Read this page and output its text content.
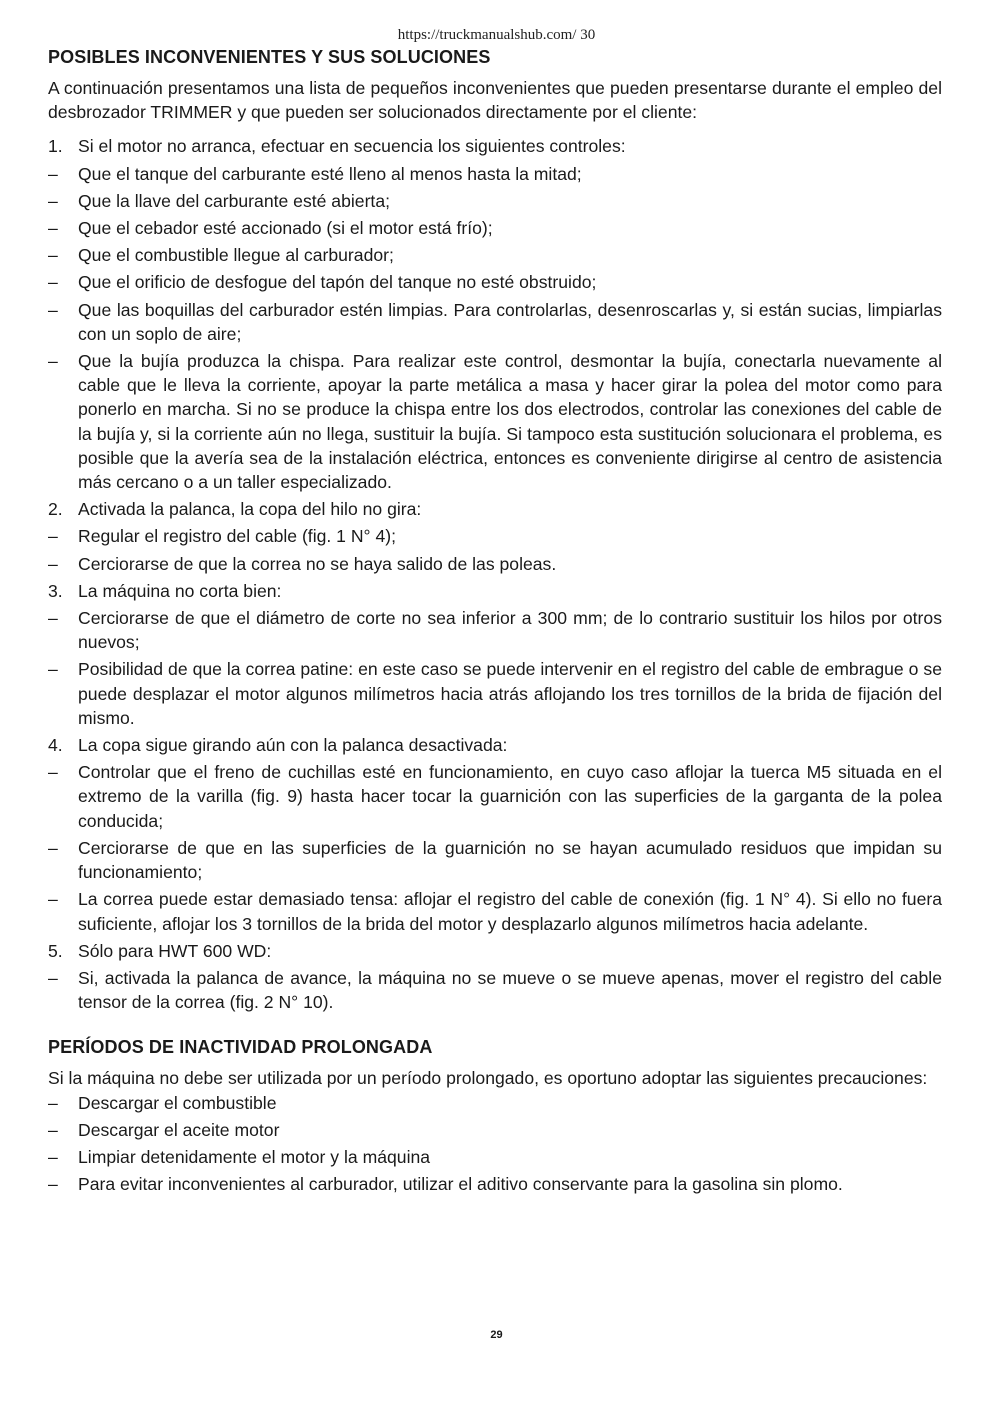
https://truckmanualshub.com/ 30
POSIBLES INCONVENIENTES Y SUS SOLUCIONES

A continuación presentamos una lista de pequeños inconvenientes que pueden presentarse durante el empleo del desbrozador TRIMMER y que pueden ser solucionados directamente por el cliente:

1. Si el motor no arranca, efectuar en secuencia los siguientes controles:
–	Que el tanque del carburante esté lleno al menos hasta la mitad;
–	Que la llave del carburante esté abierta;
–	Que el cebador esté accionado (si el motor está frío);
–	Que el combustible llegue al carburador;
–	Que el orificio de desfogue del tapón del tanque no esté obstruido;
–	Que las boquillas del carburador estén limpias. Para controlarlas, desenroscarlas y, si están sucias, limpiarlas con un soplo de aire;
–	Que la bujía produzca la chispa. Para realizar este control, desmontar la bujía, conectarla nuevamente al cable que le lleva la corriente, apoyar la parte metálica a masa y hacer girar la polea del motor como para ponerlo en marcha. Si no se produce la chispa entre los dos electrodos, controlar las conexiones del cable de la bujía y, si la corriente aún no llega, sustituir la bujía. Si tampoco esta sustitución solucionara el problema, es posible que la avería sea de la instalación eléctrica, entonces es conveniente dirigirse al centro de asistencia más cercano o a un taller especializado.
2. Activada la palanca, la copa del hilo no gira:
–	Regular el registro del cable (fig. 1 N° 4);
–	Cerciorarse de que la correa no se haya salido de las poleas.
3. La máquina no corta bien:
–	Cerciorarse de que el diámetro de corte no sea inferior a 300 mm; de lo contrario sustituir los hilos por otros nuevos;
–	Posibilidad de que la correa patine: en este caso se puede intervenir en el registro del cable de embrague o se puede desplazar el motor algunos milímetros hacia atrás aflojando los tres tornillos de la brida de fijación del mismo.
4. La copa sigue girando aún con la palanca desactivada:
–	Controlar que el freno de cuchillas esté en funcionamiento, en cuyo caso aflojar la tuerca M5 situada en el extremo de la varilla (fig. 9) hasta hacer tocar la guarnición con las superficies de la garganta de la polea conducida;
–	Cerciorarse de que en las superficies de la guarnición no se hayan acumulado residuos que impidan su funcionamiento;
–	La correa puede estar demasiado tensa: aflojar el registro del cable de conexión (fig. 1 N° 4). Si ello no fuera suficiente, aflojar los 3 tornillos de la brida del motor y desplazarlo algunos milímetros hacia adelante.
5. Sólo para HWT 600 WD:
–	Si, activada la palanca de avance, la máquina no se mueve o se mueve apenas, mover el registro del cable tensor de la correa (fig. 2 N° 10).
PERÍODOS DE INACTIVIDAD PROLONGADA

Si la máquina no debe ser utilizada por un período prolongado, es oportuno adoptar las siguientes precauciones:

–	Descargar el combustible
–	Descargar el aceite motor
–	Limpiar detenidamente el motor y la máquina
–	Para evitar inconvenientes al carburador, utilizar el aditivo conservante para la gasolina sin plomo.
29
